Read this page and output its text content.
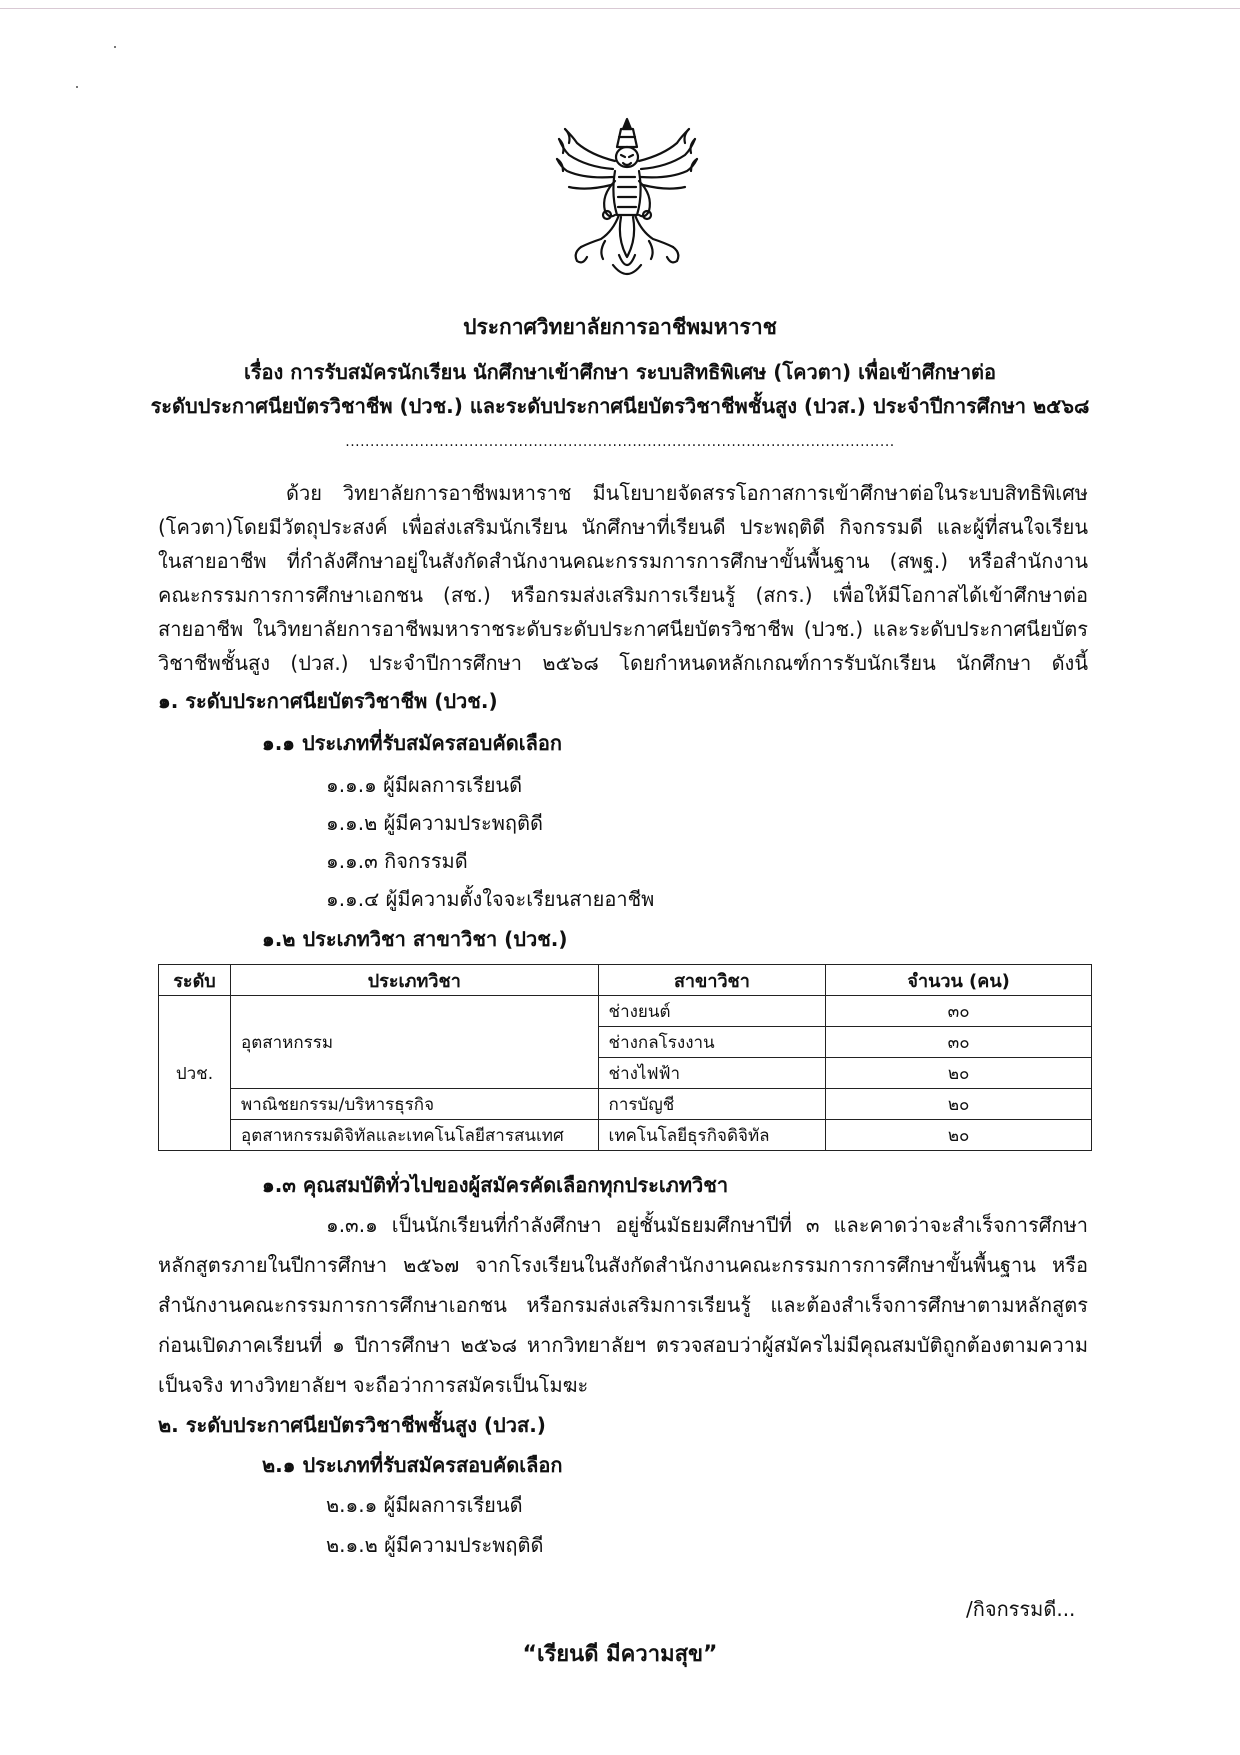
ประกาศวิทยาลัยการอาชีพมหาราช
เรื่อง การรับสมัครนักเรียน นักศึกษาเข้าศึกษา ระบบสิทธิพิเศษ (โควตา) เพื่อเข้าศึกษาต่อ
ระดับประกาศนียบัตรวิชาชีพ (ปวช.) และระดับประกาศนียบัตรวิชาชีพชั้นสูง (ปวส.) ประจำปีการศึกษา ๒๕๖๘
...............................................................................................................
ด้วย วิทยาลัยการอาชีพมหาราช มีนโยบายจัดสรรโอกาสการเข้าศึกษาต่อในระบบสิทธิพิเศษ
(โควตา)โดยมีวัตถุประสงค์ เพื่อส่งเสริมนักเรียน นักศึกษาที่เรียนดี ประพฤติดี กิจกรรมดี และผู้ที่สนใจเรียน
ในสายอาชีพ ที่กำลังศึกษาอยู่ในสังกัดสำนักงานคณะกรรมการการศึกษาขั้นพื้นฐาน (สพฐ.) หรือสำนักงาน
คณะกรรมการการศึกษาเอกชน (สช.) หรือกรมส่งเสริมการเรียนรู้ (สกร.) เพื่อให้มีโอกาสได้เข้าศึกษาต่อ
สายอาชีพ ในวิทยาลัยการอาชีพมหาราชระดับระดับประกาศนียบัตรวิชาชีพ (ปวช.) และระดับประกาศนียบัตร
วิชาชีพชั้นสูง (ปวส.) ประจำปีการศึกษา ๒๕๖๘ โดยกำหนดหลักเกณฑ์การรับนักเรียน นักศึกษา ดังนี้
๑. ระดับประกาศนียบัตรวิชาชีพ (ปวช.)
๑.๑ ประเภทที่รับสมัครสอบคัดเลือก
๑.๑.๑ ผู้มีผลการเรียนดี
๑.๑.๒ ผู้มีความประพฤติดี
๑.๑.๓ กิจกรรมดี
๑.๑.๔ ผู้มีความตั้งใจจะเรียนสายอาชีพ
๑.๒ ประเภทวิชา สาขาวิชา (ปวช.)
ระดับ	ประเภทวิชา	สาขาวิชา	จำนวน (คน)
ปวช.	อุตสาหกรรม	ช่างยนต์	๓๐
		ช่างกลโรงงาน	๓๐
		ช่างไฟฟ้า	๒๐
	พาณิชยกรรม/บริหารธุรกิจ	การบัญชี	๒๐
	อุตสาหกรรมดิจิทัลและเทคโนโลยีสารสนเทศ	เทคโนโลยีธุรกิจดิจิทัล	๒๐
๑.๓ คุณสมบัติทั่วไปของผู้สมัครคัดเลือกทุกประเภทวิชา
๑.๓.๑ เป็นนักเรียนที่กำลังศึกษา อยู่ชั้นมัธยมศึกษาปีที่ ๓ และคาดว่าจะสำเร็จการศึกษา
หลักสูตรภายในปีการศึกษา ๒๕๖๗ จากโรงเรียนในสังกัดสำนักงานคณะกรรมการการศึกษาขั้นพื้นฐาน หรือ
สำนักงานคณะกรรมการการศึกษาเอกชน หรือกรมส่งเสริมการเรียนรู้ และต้องสำเร็จการศึกษาตามหลักสูตร
ก่อนเปิดภาคเรียนที่ ๑ ปีการศึกษา ๒๕๖๘ หากวิทยาลัยฯ ตรวจสอบว่าผู้สมัครไม่มีคุณสมบัติถูกต้องตามความ
เป็นจริง ทางวิทยาลัยฯ จะถือว่าการสมัครเป็นโมฆะ
๒. ระดับประกาศนียบัตรวิชาชีพชั้นสูง (ปวส.)
๒.๑ ประเภทที่รับสมัครสอบคัดเลือก
๒.๑.๑ ผู้มีผลการเรียนดี
๒.๑.๒ ผู้มีความประพฤติดี
/กิจกรรมดี...
“เรียนดี มีความสุข”
